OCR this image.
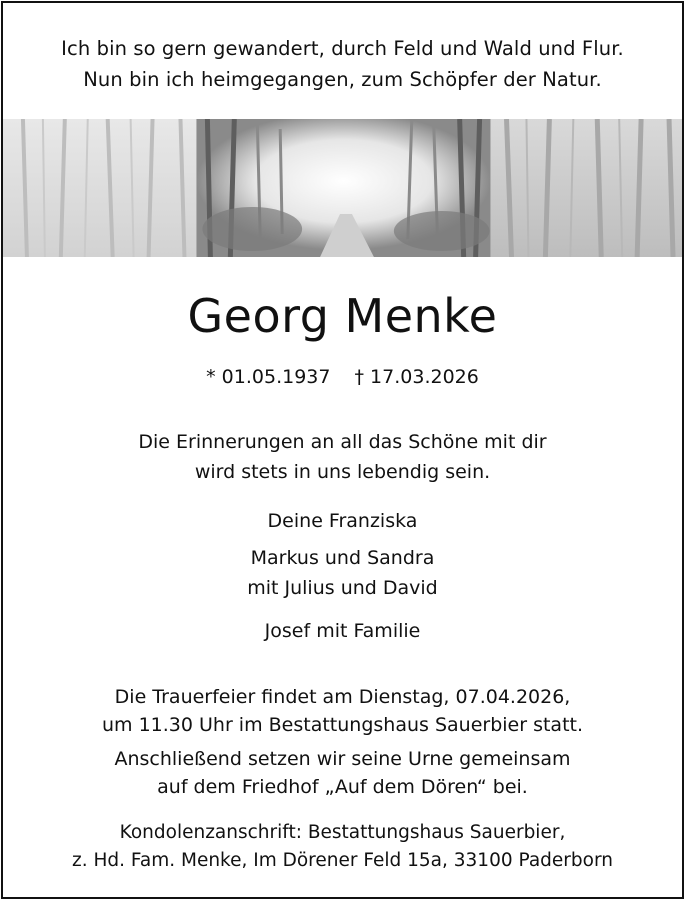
Ich bin so gern gewandert, durch Feld und Wald und Flur.
Nun bin ich heimgegangen, zum Schöpfer der Natur.
Georg Menke
* 01.05.1937 † 17.03.2026
Die Erinnerungen an all das Schöne mit dir
wird stets in uns lebendig sein.
Deine Franziska
Markus und Sandra
mit Julius und David
Josef mit Familie
Die Trauerfeier findet am Dienstag, 07.04.2026,
um 11.30 Uhr im Bestattungshaus Sauerbier statt.
Anschließend setzen wir seine Urne gemeinsam
auf dem Friedhof „Auf dem Dören“ bei.
Kondolenzanschrift: Bestattungshaus Sauerbier,
z. Hd. Fam. Menke, Im Dörener Feld 15a, 33100 Paderborn
